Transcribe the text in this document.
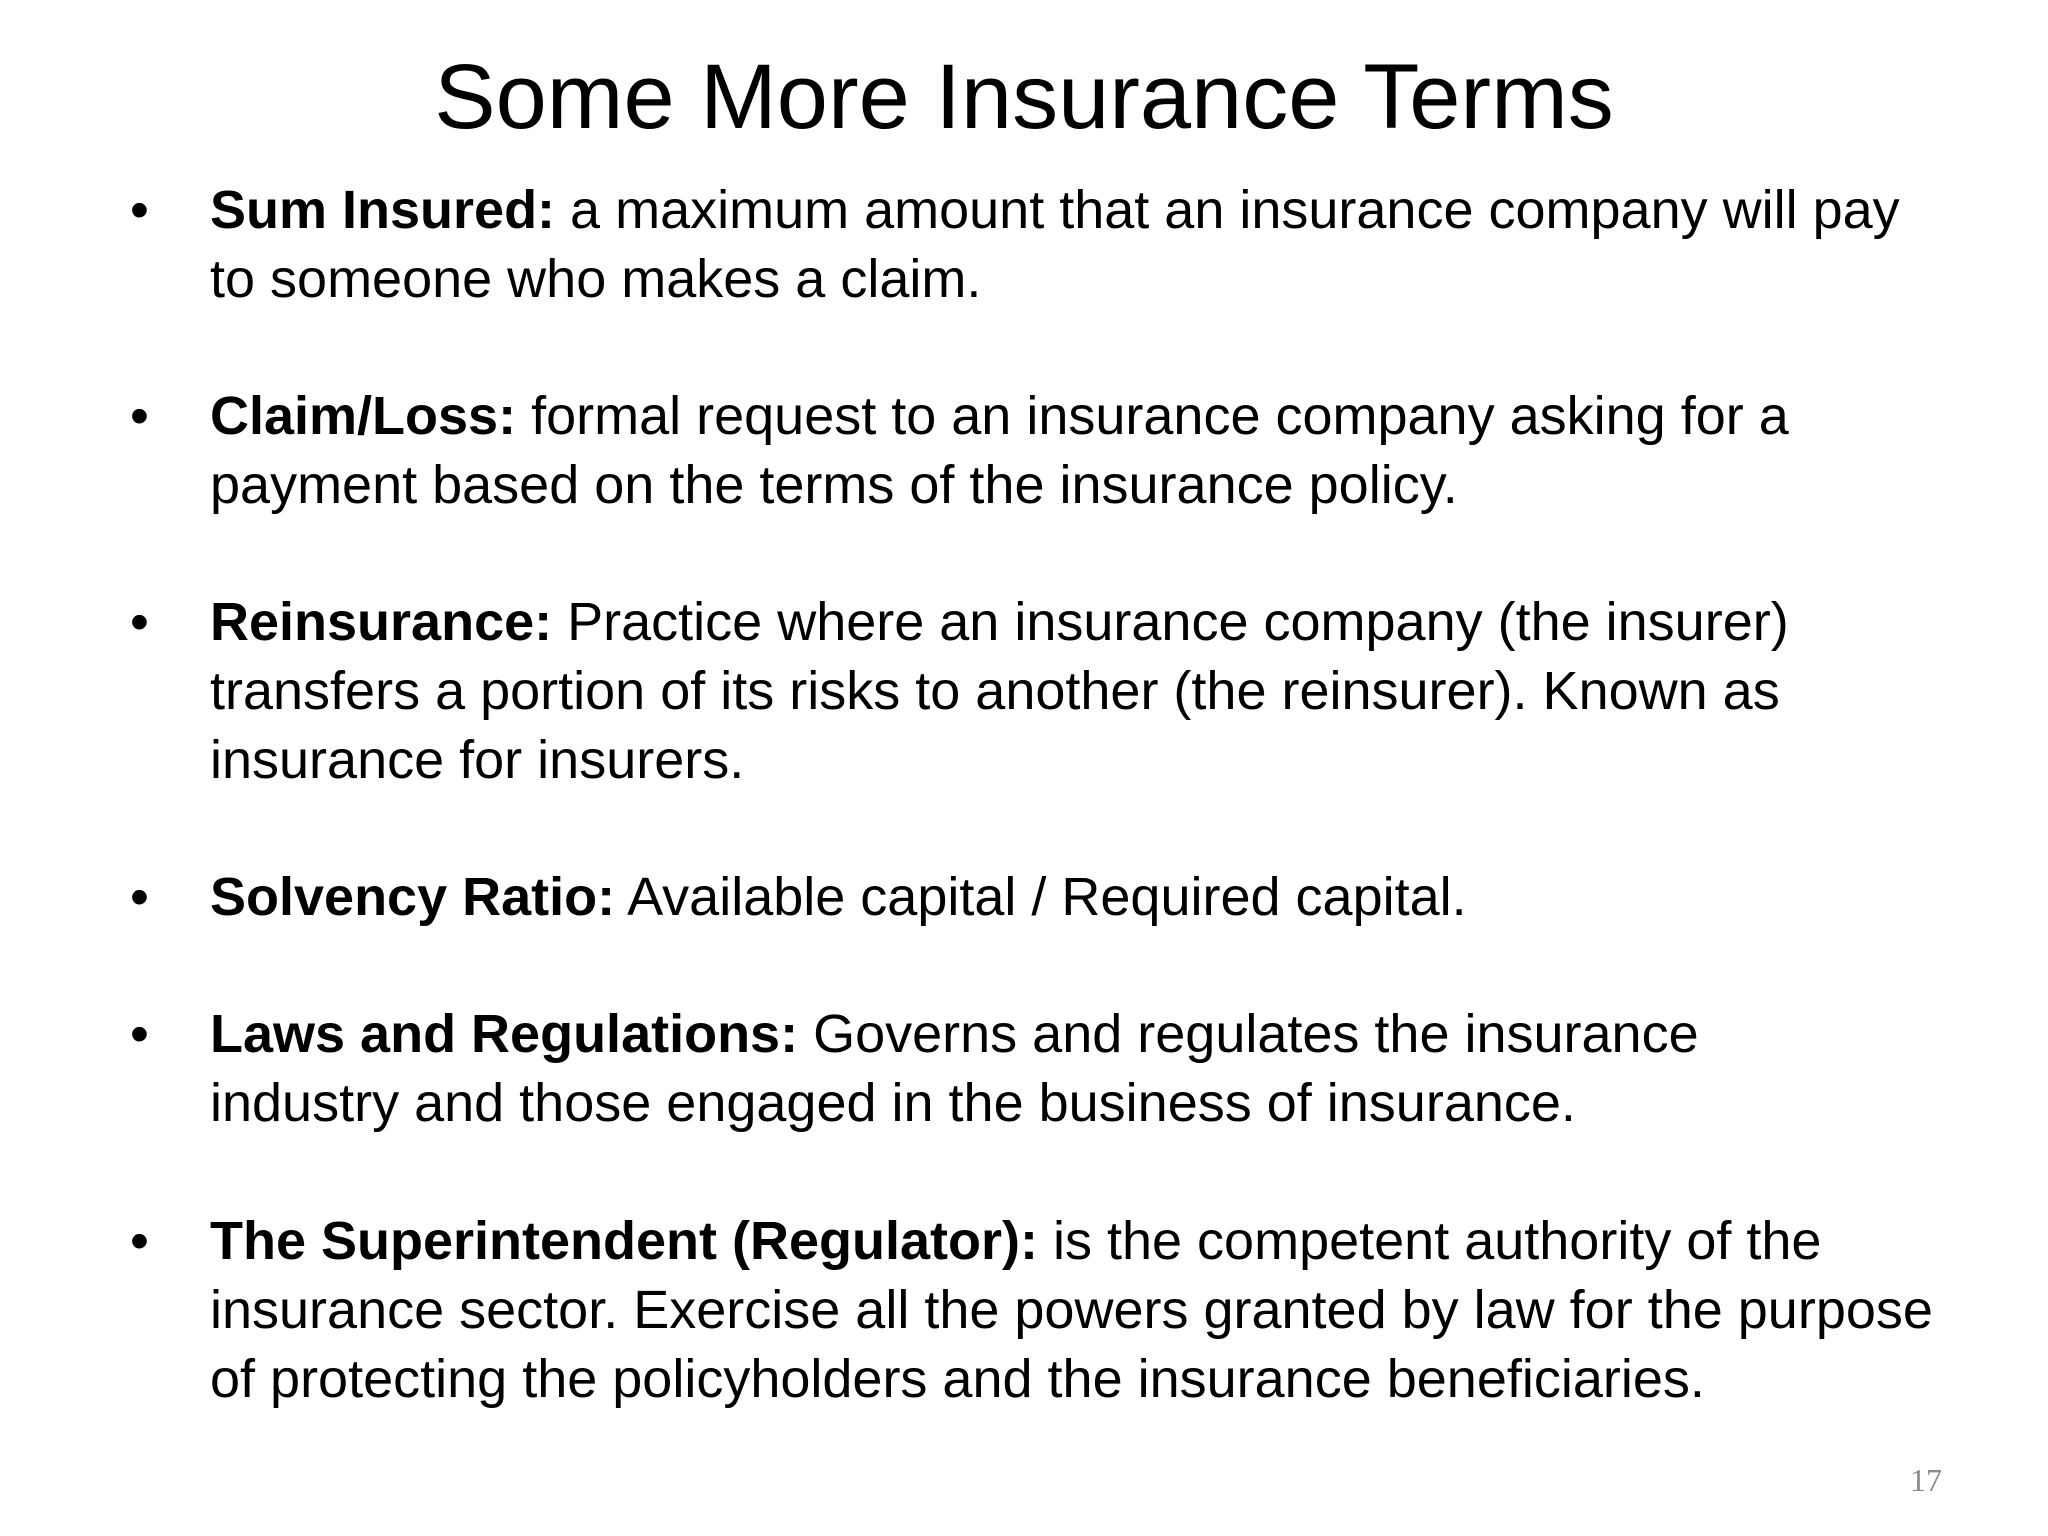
Some More Insurance Terms
•	Sum Insured: a maximum amount that an insurance company will pay to someone who makes a claim.
•	Claim/Loss: formal request to an insurance company asking for a payment based on the terms of the insurance policy.
•	Reinsurance: Practice where an insurance company (the insurer) transfers a portion of its risks to another (the reinsurer). Known as insurance for insurers.
•	Solvency Ratio: Available capital / Required capital.
•	Laws and Regulations: Governs and regulates the insurance industry and those engaged in the business of insurance.
•	The Superintendent (Regulator): is the competent authority of the insurance sector. Exercise all the powers granted by law for the purpose of protecting the policyholders and the insurance beneficiaries.
17
